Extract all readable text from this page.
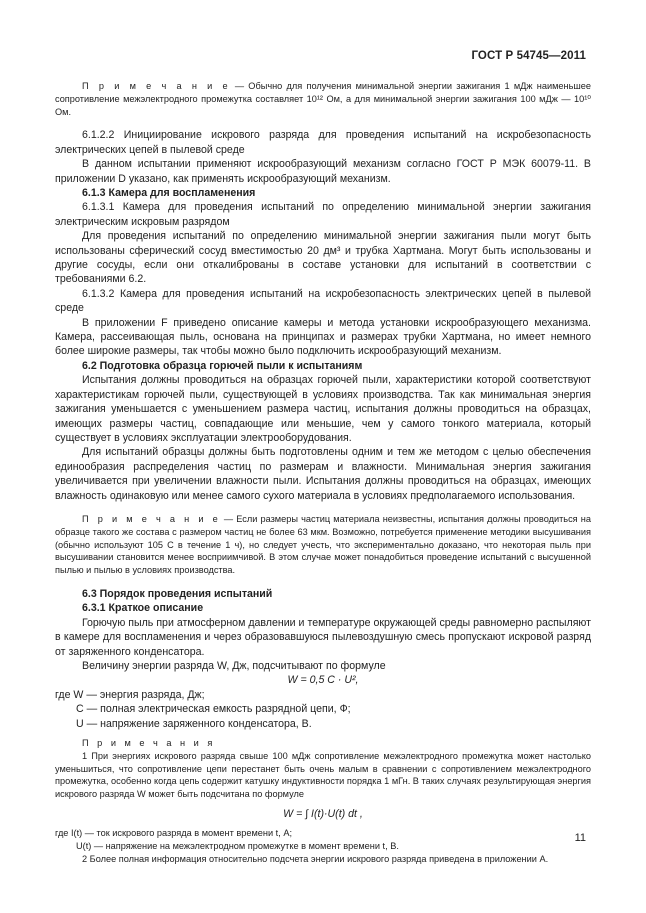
ГОСТ Р 54745—2011

П р и м е ч а н и е — Обычно для получения минимальной энергии зажигания 1 мДж наименьшее сопротивление межэлектродного промежутка составляет 10¹² Ом, а для минимальной энергии зажигания 100 мДж — 10¹⁰ Ом.

6.1.2.2 Инициирование искрового разряда для проведения испытаний на искробезопасность электрических цепей в пылевой среде

В данном испытании применяют искрообразующий механизм согласно ГОСТ Р МЭК 60079-11. В приложении D указано, как применять искрообразующий механизм.

6.1.3 Камера для воспламенения

6.1.3.1 Камера для проведения испытаний по определению минимальной энергии зажигания электрическим искровым разрядом

Для проведения испытаний по определению минимальной энергии зажигания пыли могут быть использованы сферический сосуд вместимостью 20 дм³ и трубка Хартмана. Могут быть использованы и другие сосуды, если они откалиброваны в составе установки для испытаний в соответствии с требованиями 6.2.

6.1.3.2 Камера для проведения испытаний на искробезопасность электрических цепей в пылевой среде

В приложении F приведено описание камеры и метода установки искрообразующего механизма. Камера, рассеивающая пыль, основана на принципах и размерах трубки Хартмана, но имеет немного более широкие размеры, так чтобы можно было подключить искрообразующий механизм.

6.2 Подготовка образца горючей пыли к испытаниям

Испытания должны проводиться на образцах горючей пыли, характеристики которой соответствуют характеристикам горючей пыли, существующей в условиях производства. Так как минимальная энергия зажигания уменьшается с уменьшением размера частиц, испытания должны проводиться на образцах, имеющих размеры частиц, совпадающие или меньшие, чем у самого тонкого материала, который существует в условиях эксплуатации электрооборудования.

Для испытаний образцы должны быть подготовлены одним и тем же методом с целью обеспечения единообразия распределения частиц по размерам и влажности. Минимальная энергия зажигания увеличивается при увеличении влажности пыли. Испытания должны проводиться на образцах, имеющих влажность одинаковую или менее самого сухого материала в условиях предполагаемого использования.

П р и м е ч а н и е — Если размеры частиц материала неизвестны, испытания должны проводиться на образце такого же состава с размером частиц не более 63 мкм. Возможно, потребуется применение методики высушивания (обычно используют 105 С в течение 1 ч), но следует учесть, что экспериментально доказано, что некоторая пыль при высушивании становится менее восприимчивой. В этом случае может понадобиться проведение испытаний с высушенной пылью и пылью в условиях производства.

6.3 Порядок проведения испытаний

6.3.1 Краткое описание

Горючую пыль при атмосферном давлении и температуре окружающей среды равномерно распыляют в камере для воспламенения и через образовавшуюся пылевоздушную смесь пропускают искровой разряд от заряженного конденсатора.

Величину энергии разряда W, Дж, подсчитывают по формуле

W = 0,5 C · U²,

где W — энергия разряда, Дж;

C — полная электрическая емкость разрядной цепи, Ф;

U — напряжение заряженного конденсатора, В.

П р и м е ч а н и я

1 При энергиях искрового разряда свыше 100 мДж сопротивление межэлектродного промежутка может настолько уменьшиться, что сопротивление цепи перестанет быть очень малым в сравнении с сопротивлением межэлектродного промежутка, особенно когда цепь содержит катушку индуктивности порядка 1 мГн. В таких случаях результирующая энергия искрового разряда W может быть подсчитана по формуле

W = ∫ I(t)·U(t) dt ,

где I(t) — ток искрового разряда в момент времени t, А;

U(t) — напряжение на межэлектродном промежутке в момент времени t, В.

2 Более полная информация относительно подсчета энергии искрового разряда приведена в приложении А.

11
